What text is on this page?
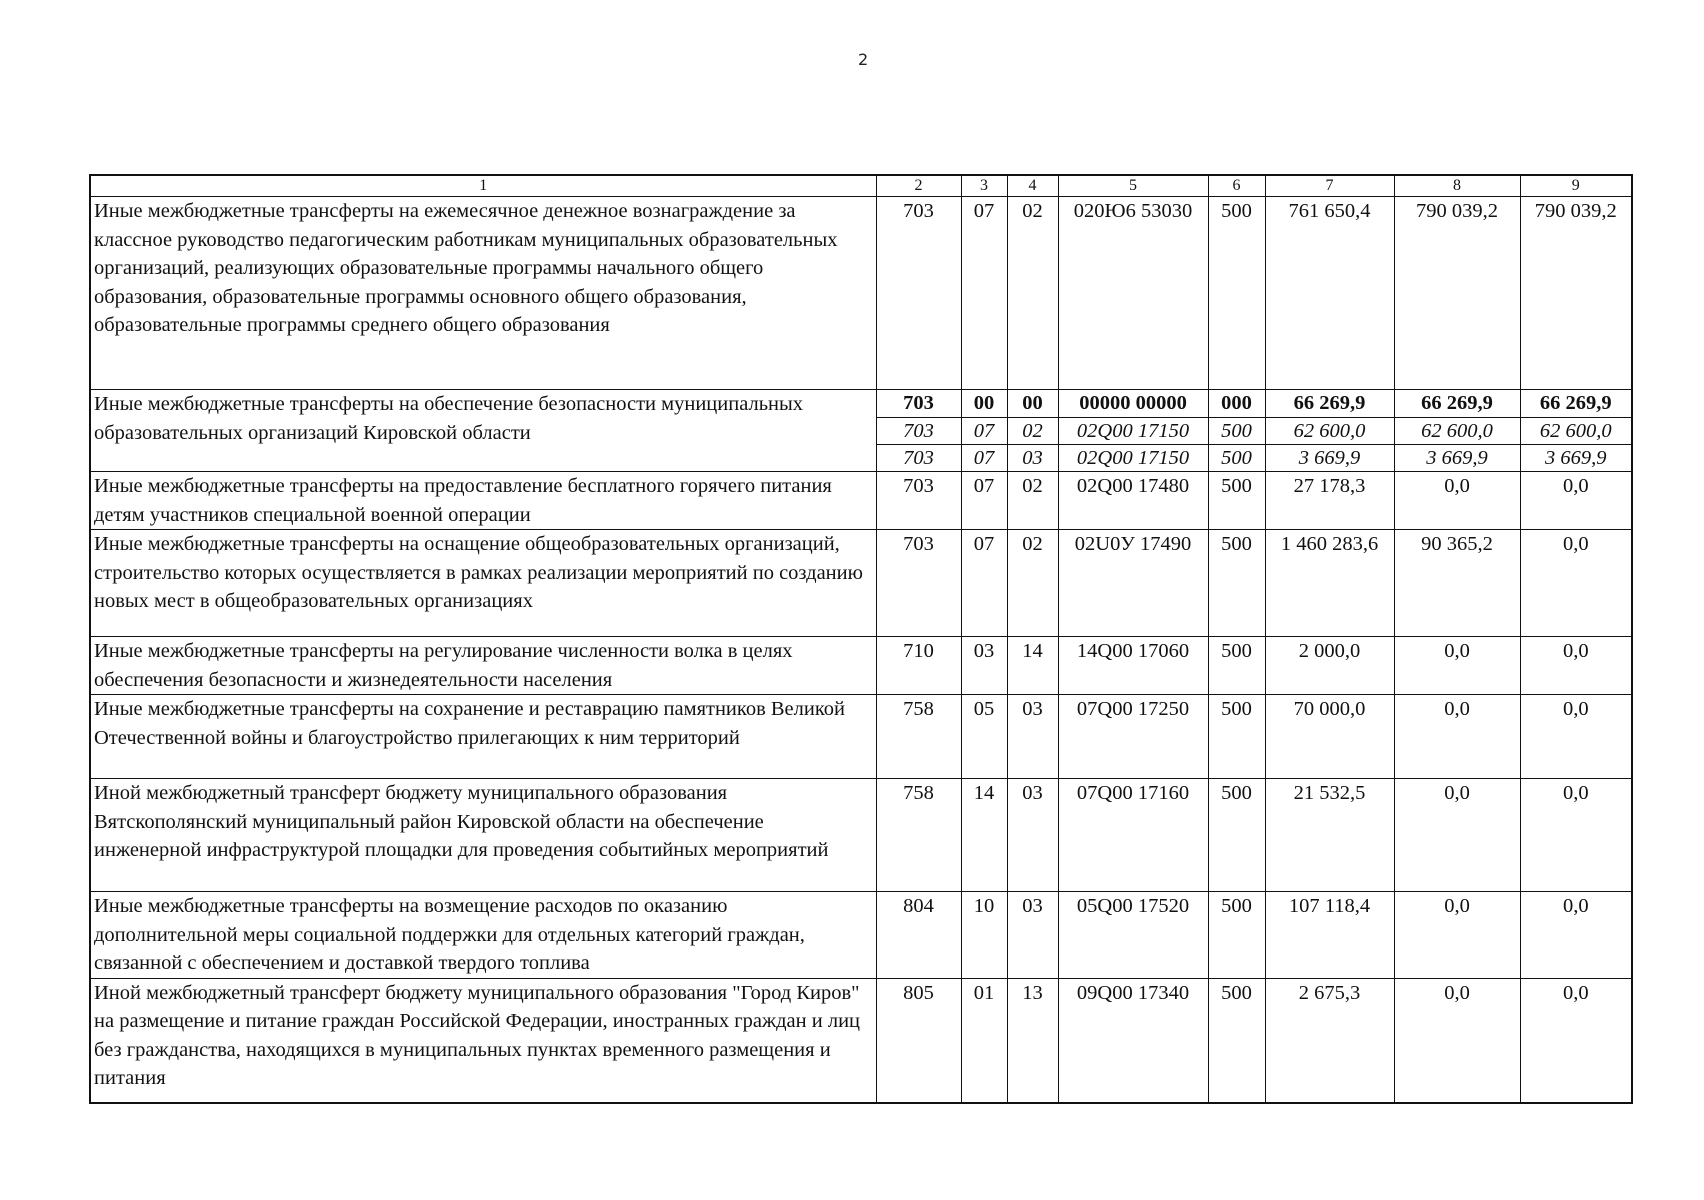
2
1	2	3	4	5	6	7	8	9
Иные межбюджетные трансферты на ежемесячное денежное вознаграждение за классное руководство педагогическим работникам муниципальных образовательных организаций, реализующих образовательные программы начального общего образования, образовательные программы основного общего образования, образовательные программы среднего общего образования	703	07	02	020Ю6 53030	500	761 650,4	790 039,2	790 039,2
Иные межбюджетные трансферты на обеспечение безопасности муниципальных образовательных организаций Кировской области	703	00	00	00000 00000	000	66 269,9	66 269,9	66 269,9
	703	07	02	02Q00 17150	500	62 600,0	62 600,0	62 600,0
	703	07	03	02Q00 17150	500	3 669,9	3 669,9	3 669,9
Иные межбюджетные трансферты на предоставление бесплатного горячего питания детям участников специальной военной операции	703	07	02	02Q00 17480	500	27 178,3	0,0	0,0
Иные межбюджетные трансферты на оснащение общеобразовательных организаций, строительство которых осуществляется в рамках реализации мероприятий по созданию новых мест в общеобразовательных организациях	703	07	02	02U0У 17490	500	1 460 283,6	90 365,2	0,0
Иные межбюджетные трансферты на регулирование численности волка в целях обеспечения безопасности и жизнедеятельности населения	710	03	14	14Q00 17060	500	2 000,0	0,0	0,0
Иные межбюджетные трансферты на сохранение и реставрацию памятников Великой Отечественной войны и благоустройство прилегающих к ним территорий	758	05	03	07Q00 17250	500	70 000,0	0,0	0,0
Иной межбюджетный трансферт бюджету муниципального образования Вятскополянский муниципальный район Кировской области на обеспечение инженерной инфраструктурой площадки для проведения событийных мероприятий	758	14	03	07Q00 17160	500	21 532,5	0,0	0,0
Иные межбюджетные трансферты на возмещение расходов по оказанию дополнительной меры социальной поддержки для отдельных категорий граждан, связанной с обеспечением и доставкой твердого топлива	804	10	03	05Q00 17520	500	107 118,4	0,0	0,0
Иной межбюджетный трансферт бюджету муниципального образования "Город Киров" на размещение и питание граждан Российской Федерации, иностранных граждан и лиц без гражданства, находящихся в муниципальных пунктах временного размещения и питания	805	01	13	09Q00 17340	500	2 675,3	0,0	0,0
